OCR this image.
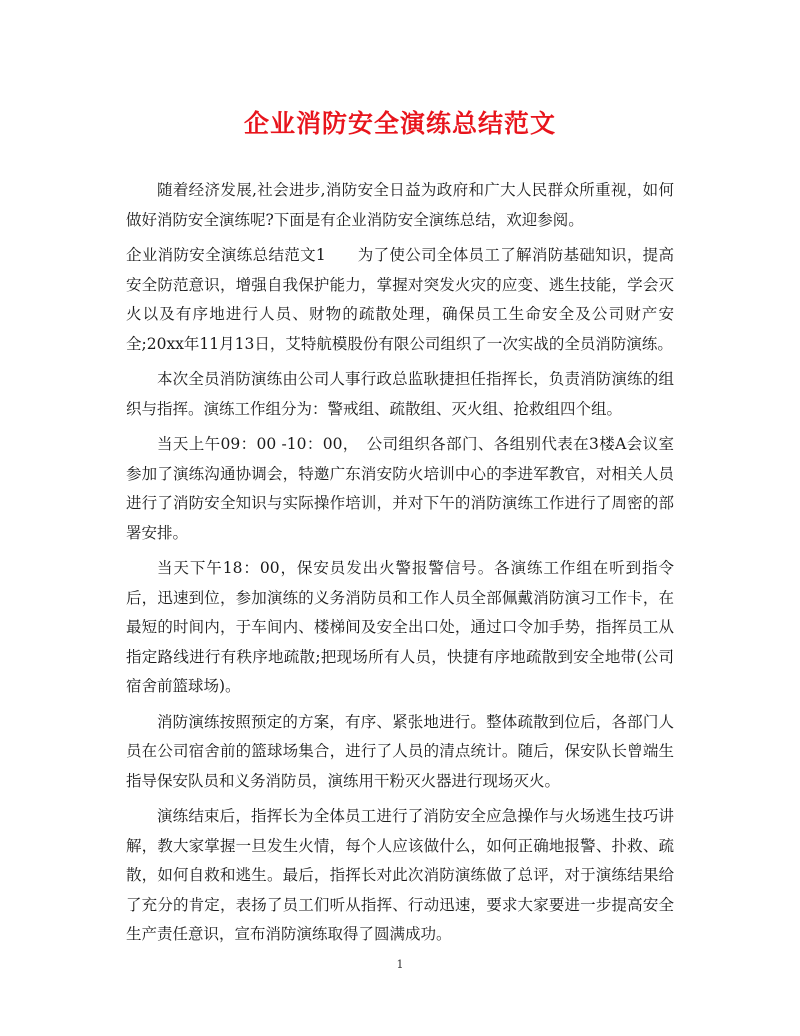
企业消防安全演练总结范文

随着经济发展,社会进步,消防安全日益为政府和广大人民群众所重视，如何做好消防安全演练呢?下面是有企业消防安全演练总结，欢迎参阅。

企业消防安全演练总结范文1　　为了使公司全体员工了解消防基础知识，提高安全防范意识，增强自我保护能力，掌握对突发火灾的应变、逃生技能，学会灭火以及有序地进行人员、财物的疏散处理，确保员工生命安全及公司财产安全;20xx年11月13日，艾特航模股份有限公司组织了一次实战的全员消防演练。

本次全员消防演练由公司人事行政总监耿捷担任指挥长，负责消防演练的组织与指挥。演练工作组分为：警戒组、疏散组、灭火组、抢救组四个组。

当天上午09：00 -10：00，　公司组织各部门、各组别代表在3楼A会议室参加了演练沟通协调会，特邀广东消安防火培训中心的李进军教官，对相关人员进行了消防安全知识与实际操作培训，并对下午的消防演练工作进行了周密的部署安排。

当天下午18：00，保安员发出火警报警信号。各演练工作组在听到指令后，迅速到位，参加演练的义务消防员和工作人员全部佩戴消防演习工作卡，在最短的时间内，于车间内、楼梯间及安全出口处，通过口令加手势，指挥员工从指定路线进行有秩序地疏散;把现场所有人员，快捷有序地疏散到安全地带(公司宿舍前篮球场)。

消防演练按照预定的方案，有序、紧张地进行。整体疏散到位后，各部门人员在公司宿舍前的篮球场集合，进行了人员的清点统计。随后，保安队长曾端生指导保安队员和义务消防员，演练用干粉灭火器进行现场灭火。

演练结束后，指挥长为全体员工进行了消防安全应急操作与火场逃生技巧讲解，教大家掌握一旦发生火情，每个人应该做什么，如何正确地报警、扑救、疏散，如何自救和逃生。最后，指挥长对此次消防演练做了总评，对于演练结果给了充分的肯定，表扬了员工们听从指挥、行动迅速，要求大家要进一步提高安全生产责任意识，宣布消防演练取得了圆满成功。

1
